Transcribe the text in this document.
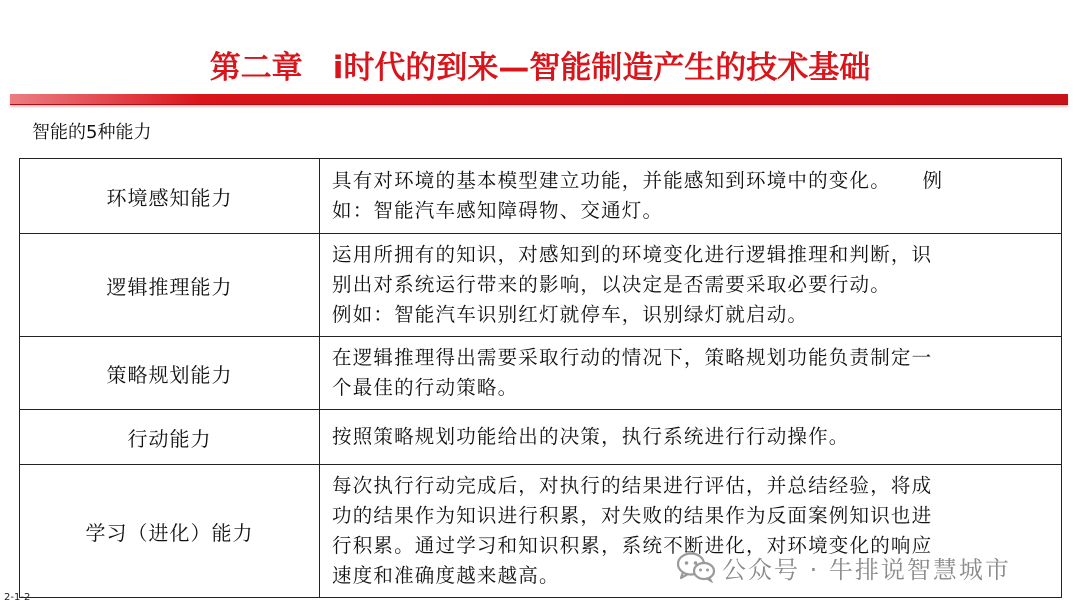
第二章 i时代的到来—智能制造产生的技术基础
智能的5种能力
环境感知能力	具有对环境的基本模型建立功能，并能感知到环境中的变化。　　例
如：智能汽车感知障碍物、交通灯。

逻辑推理能力	运用所拥有的知识，对感知到的环境变化进行逻辑推理和判断，识
别出对系统运行带来的影响，以决定是否需要采取必要行动。
例如：智能汽车识别红灯就停车，识别绿灯就启动。

策略规划能力	在逻辑推理得出需要采取行动的情况下，策略规划功能负责制定一
个最佳的行动策略。

行动能力	按照策略规划功能给出的决策，执行系统进行行动操作。

学习（进化）能力	每次执行行动完成后，对执行的结果进行评估，并总结经验，将成
功的结果作为知识进行积累，对失败的结果作为反面案例知识也进
行积累。通过学习和知识积累，系统不断进化，对环境变化的响应
速度和准确度越来越高。	公众号 · 牛排说智慧城市
2-1-2
